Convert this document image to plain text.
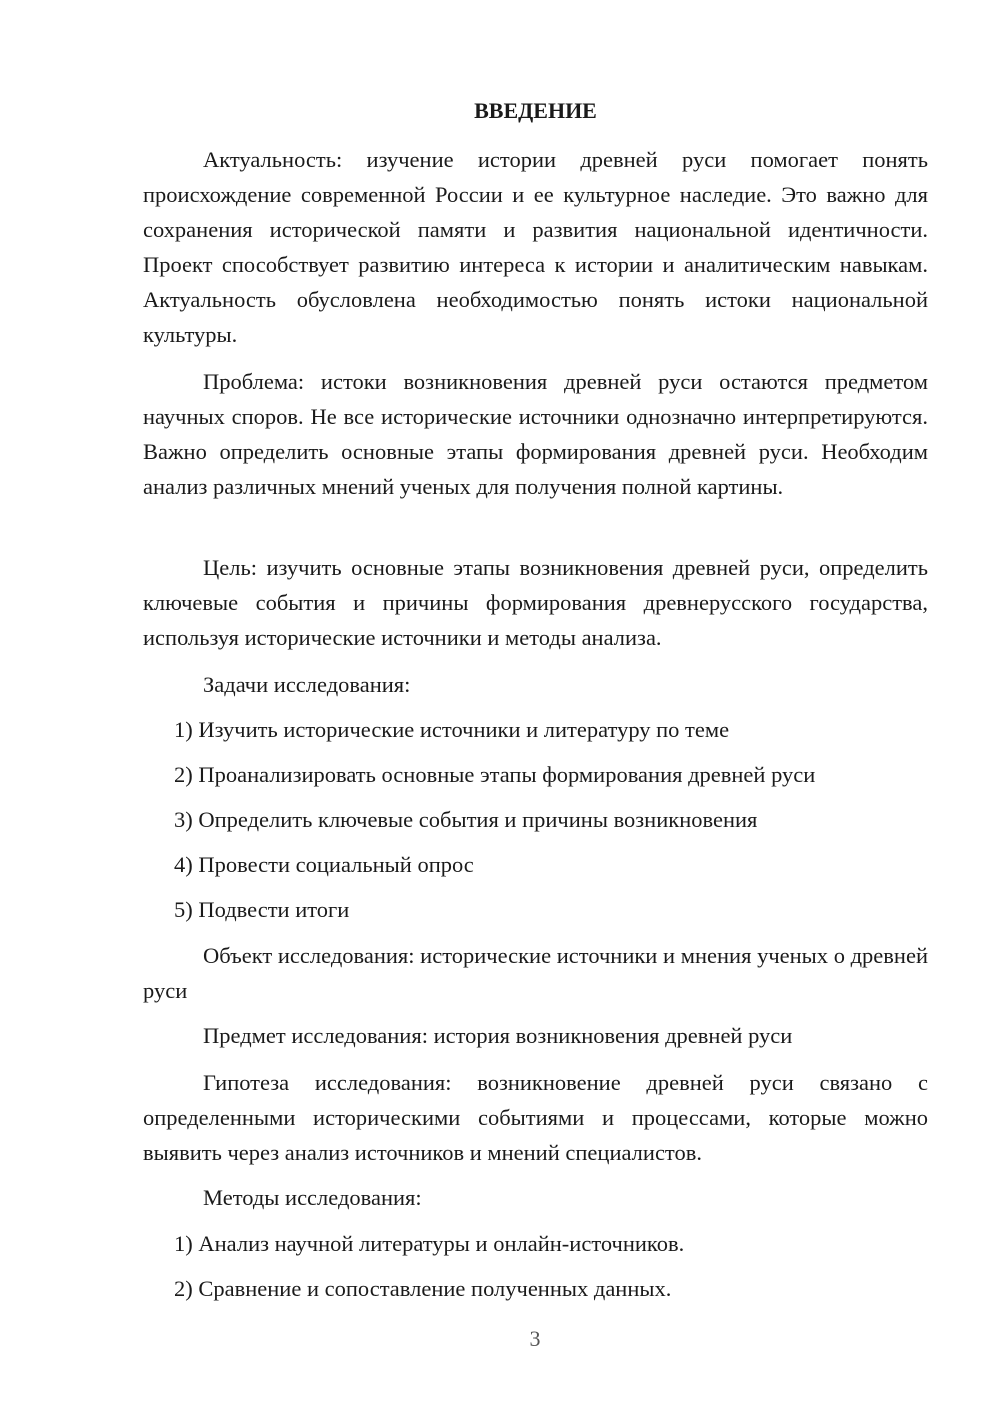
ВВЕДЕНИЕ

Актуальность: изучение истории древней руси помогает понять происхождение современной России и ее культурное наследие. Это важно для сохранения исторической памяти и развития национальной идентичности. Проект способствует развитию интереса к истории и аналитическим навыкам. Актуальность обусловлена необходимостью понять истоки национальной культуры.

Проблема: истоки возникновения древней руси остаются предметом научных споров. Не все исторические источники однозначно интерпретируются. Важно определить основные этапы формирования древней руси. Необходим анализ различных мнений ученых для получения полной картины.

Цель: изучить основные этапы возникновения древней руси, определить ключевые события и причины формирования древнерусского государства, используя исторические источники и методы анализа.

Задачи исследования:
1) Изучить исторические источники и литературу по теме
2) Проанализировать основные этапы формирования древней руси
3) Определить ключевые события и причины возникновения
4) Провести социальный опрос
5) Подвести итоги

Объект исследования: исторические источники и мнения ученых о древней руси

Предмет исследования: история возникновения древней руси

Гипотеза исследования: возникновение древней руси связано с определенными историческими событиями и процессами, которые можно выявить через анализ источников и мнений специалистов.

Методы исследования:
1) Анализ научной литературы и онлайн-источников.
2) Сравнение и сопоставление полученных данных.
3
